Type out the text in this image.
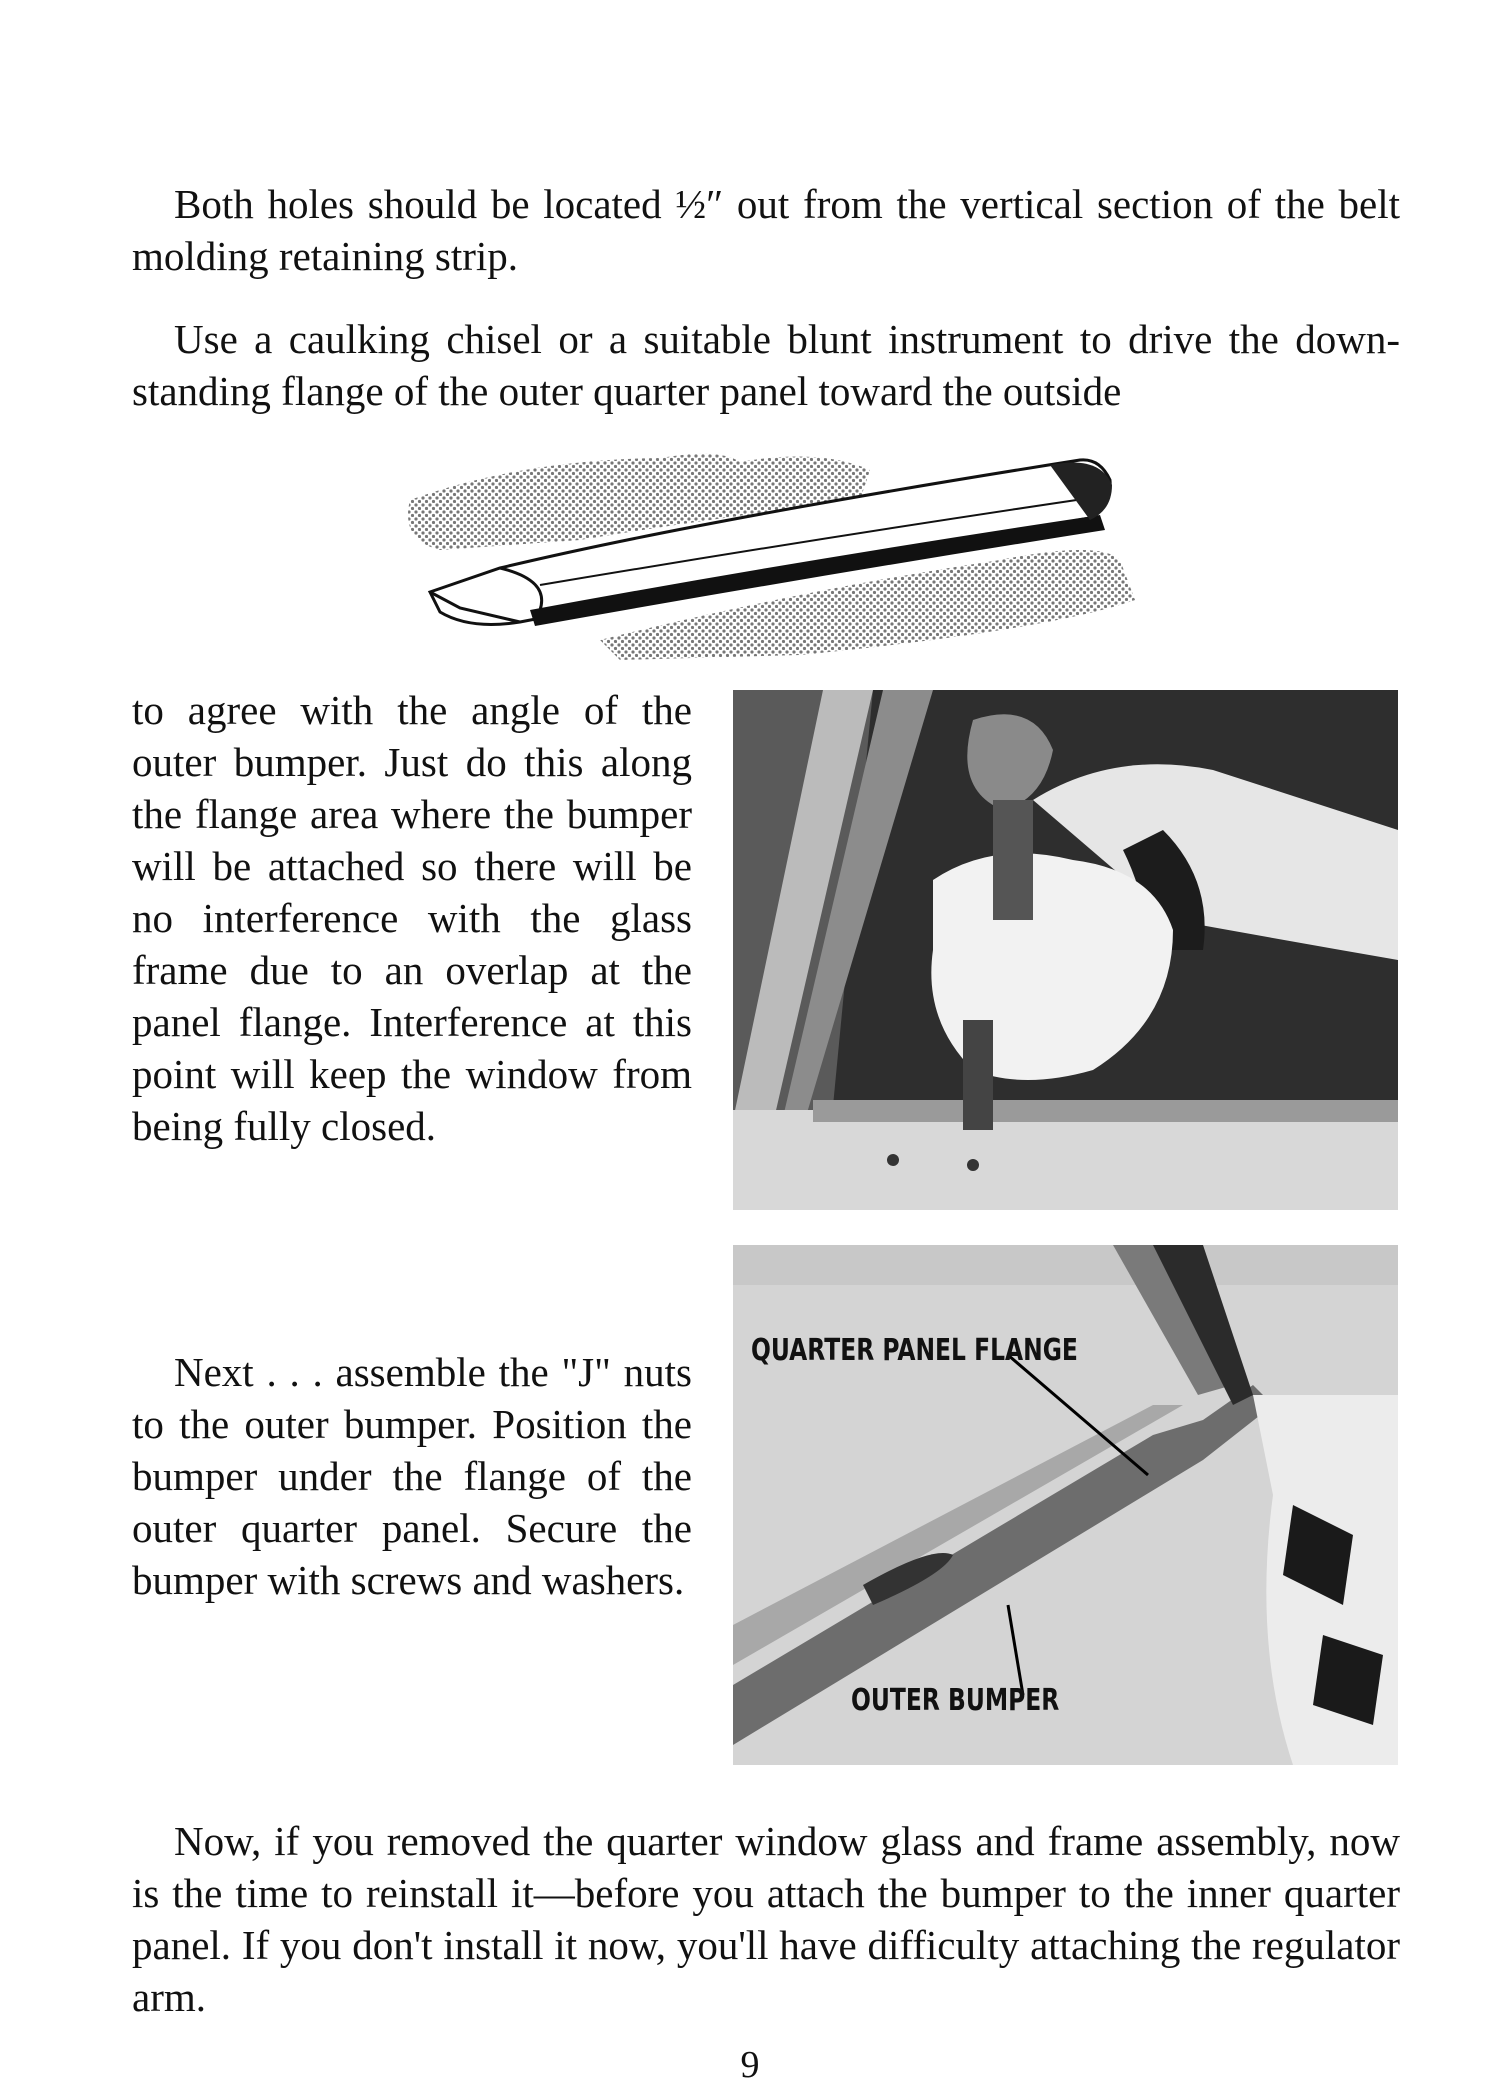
Both holes should be located ½″ out from the vertical section of the belt molding retaining strip.

Use a caulking chisel or a suitable blunt instrument to drive the down-standing flange of the outer quarter panel toward the outside

to agree with the angle of the outer bumper. Just do this along the flange area where the bumper will be attached so there will be no interference with the glass frame due to an overlap at the panel flange. Interference at this point will keep the window from being fully closed.

Next . . . assemble the "J" nuts to the outer bumper. Position the bumper under the flange of the outer quarter panel. Secure the bumper with screws and washers.

QUARTER PANEL FLANGE
OUTER BUMPER

Now, if you removed the quarter window glass and frame assembly, now is the time to reinstall it—before you attach the bumper to the inner quarter panel. If you don't install it now, you'll have difficulty attaching the regulator arm.

9
